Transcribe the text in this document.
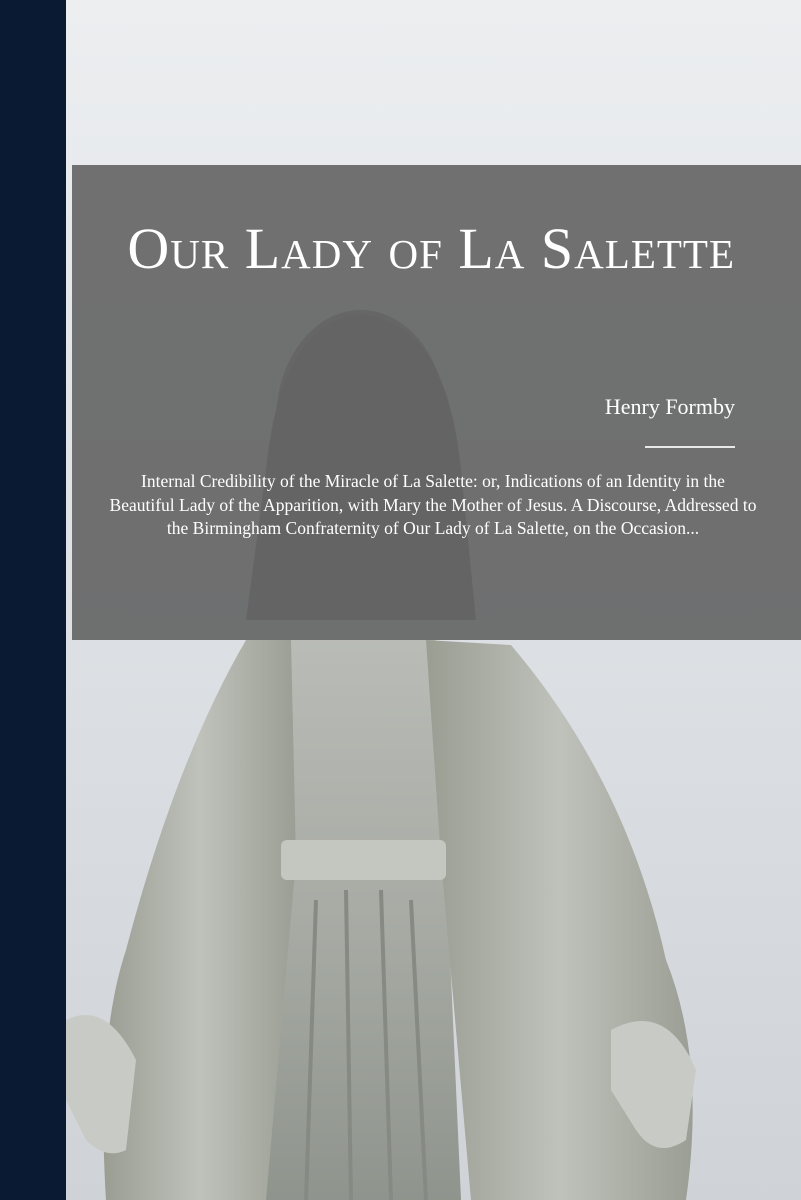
Our Lady of La Salette

Henry Formby

Internal Credibility of the Miracle of La Salette: or, Indications of an Identity in the Beautiful Lady of the Apparition, with Mary the Mother of Jesus. A Discourse, Addressed to the Birmingham Confraternity of Our Lady of La Salette, on the Occasion...
